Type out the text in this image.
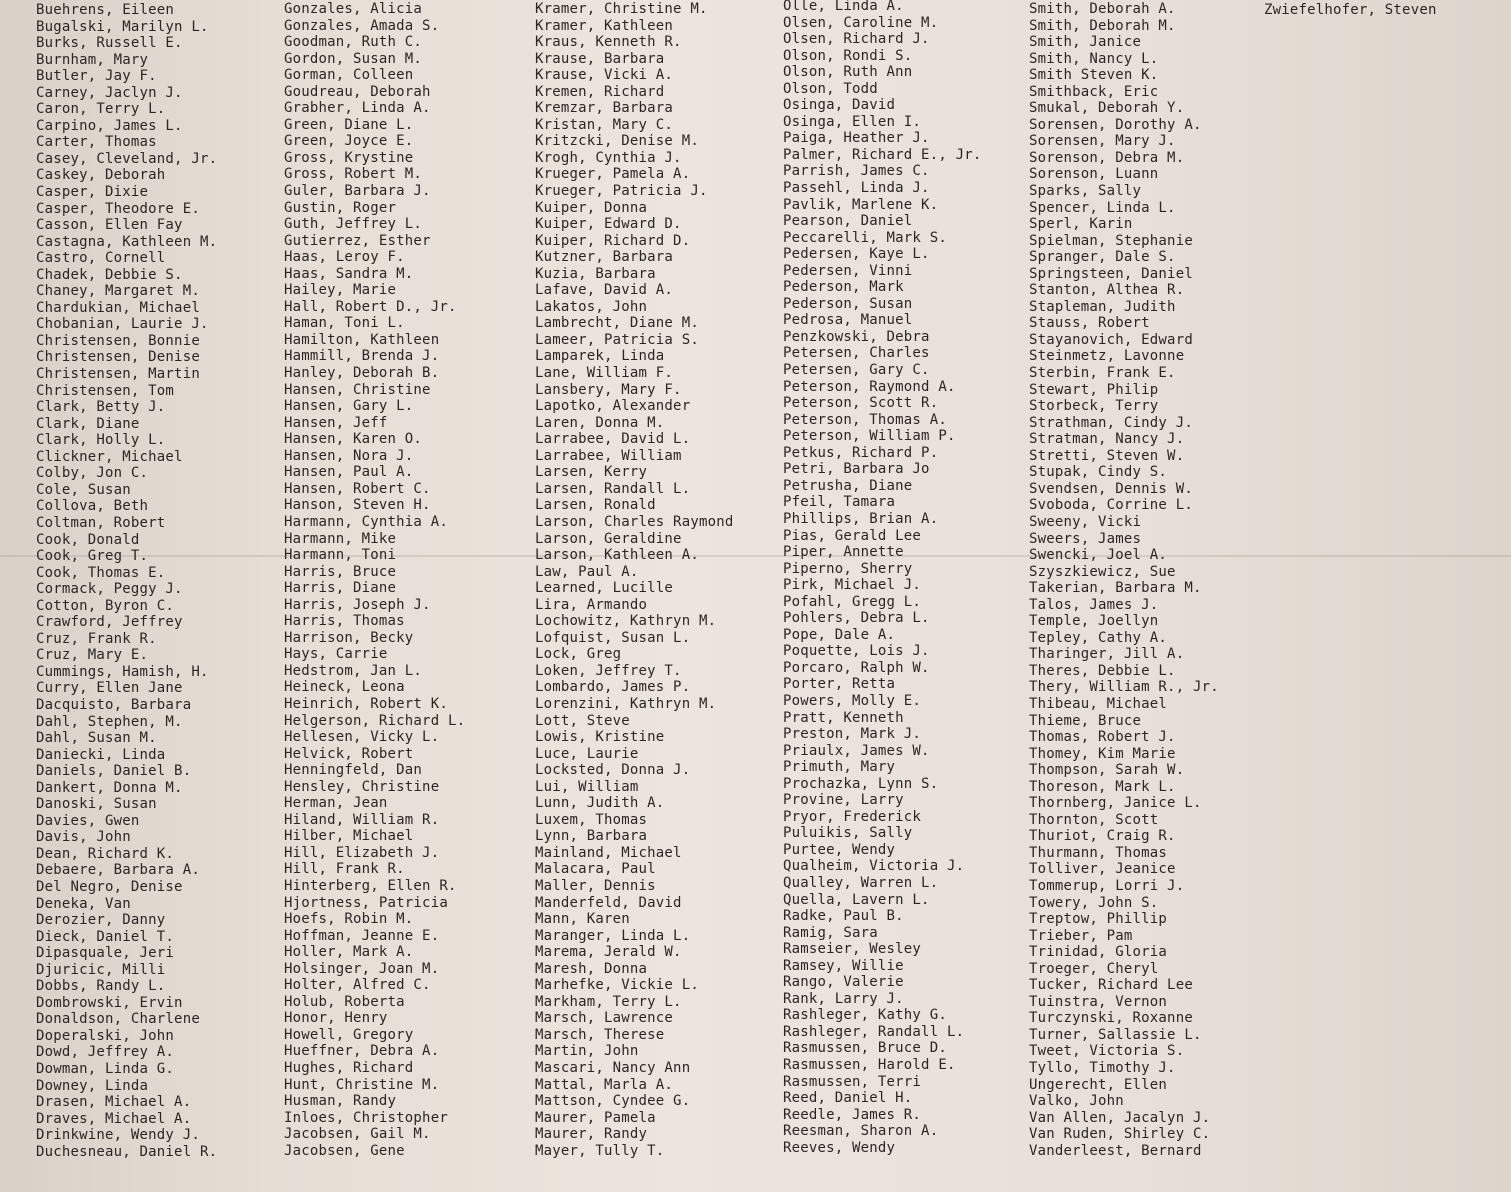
Buehrens, Eileen
Bugalski, Marilyn L.
Burks, Russell E.
Burnham, Mary
Butler, Jay F.
Carney, Jaclyn J.
Caron, Terry L.
Carpino, James L.
Carter, Thomas
Casey, Cleveland, Jr.
Caskey, Deborah
Casper, Dixie
Casper, Theodore E.
Casson, Ellen Fay
Castagna, Kathleen M.
Castro, Cornell
Chadek, Debbie S.
Chaney, Margaret M.
Chardukian, Michael
Chobanian, Laurie J.
Christensen, Bonnie
Christensen, Denise
Christensen, Martin
Christensen, Tom
Clark, Betty J.
Clark, Diane
Clark, Holly L.
Clickner, Michael
Colby, Jon C.
Cole, Susan
Collova, Beth
Coltman, Robert
Cook, Donald
Cook, Greg T.
Cook, Thomas E.
Cormack, Peggy J.
Cotton, Byron C.
Crawford, Jeffrey
Cruz, Frank R.
Cruz, Mary E.
Cummings, Hamish, H.
Curry, Ellen Jane
Dacquisto, Barbara
Dahl, Stephen, M.
Dahl, Susan M.
Daniecki, Linda
Daniels, Daniel B.
Dankert, Donna M.
Danoski, Susan
Davies, Gwen
Davis, John
Dean, Richard K.
Debaere, Barbara A.
Del Negro, Denise
Deneka, Van
Derozier, Danny
Dieck, Daniel T.
Dipasquale, Jeri
Djuricic, Milli
Dobbs, Randy L.
Dombrowski, Ervin
Donaldson, Charlene
Doperalski, John
Dowd, Jeffrey A.
Dowman, Linda G.
Downey, Linda
Drasen, Michael A.
Draves, Michael A.
Drinkwine, Wendy J.
Duchesneau, Daniel R.
Gonzales, Alicia
Gonzales, Amada S.
Goodman, Ruth C.
Gordon, Susan M.
Gorman, Colleen
Goudreau, Deborah
Grabher, Linda A.
Green, Diane L.
Green, Joyce E.
Gross, Krystine
Gross, Robert M.
Guler, Barbara J.
Gustin, Roger
Guth, Jeffrey L.
Gutierrez, Esther
Haas, Leroy F.
Haas, Sandra M.
Hailey, Marie
Hall, Robert D., Jr.
Haman, Toni L.
Hamilton, Kathleen
Hammill, Brenda J.
Hanley, Deborah B.
Hansen, Christine
Hansen, Gary L.
Hansen, Jeff
Hansen, Karen O.
Hansen, Nora J.
Hansen, Paul A.
Hansen, Robert C.
Hanson, Steven H.
Harmann, Cynthia A.
Harmann, Mike
Harmann, Toni
Harris, Bruce
Harris, Diane
Harris, Joseph J.
Harris, Thomas
Harrison, Becky
Hays, Carrie
Hedstrom, Jan L.
Heineck, Leona
Heinrich, Robert K.
Helgerson, Richard L.
Hellesen, Vicky L.
Helvick, Robert
Henningfeld, Dan
Hensley, Christine
Herman, Jean
Hiland, William R.
Hilber, Michael
Hill, Elizabeth J.
Hill, Frank R.
Hinterberg, Ellen R.
Hjortness, Patricia
Hoefs, Robin M.
Hoffman, Jeanne E.
Holler, Mark A.
Holsinger, Joan M.
Holter, Alfred C.
Holub, Roberta
Honor, Henry
Howell, Gregory
Hueffner, Debra A.
Hughes, Richard
Hunt, Christine M.
Husman, Randy
Inloes, Christopher
Jacobsen, Gail M.
Jacobsen, Gene
Kramer, Christine M.
Kramer, Kathleen
Kraus, Kenneth R.
Krause, Barbara
Krause, Vicki A.
Kremen, Richard
Kremzar, Barbara
Kristan, Mary C.
Kritzcki, Denise M.
Krogh, Cynthia J.
Krueger, Pamela A.
Krueger, Patricia J.
Kuiper, Donna
Kuiper, Edward D.
Kuiper, Richard D.
Kutzner, Barbara
Kuzia, Barbara
Lafave, David A.
Lakatos, John
Lambrecht, Diane M.
Lameer, Patricia S.
Lamparek, Linda
Lane, William F.
Lansbery, Mary F.
Lapotko, Alexander
Laren, Donna M.
Larrabee, David L.
Larrabee, William
Larsen, Kerry
Larsen, Randall L.
Larsen, Ronald
Larson, Charles Raymond
Larson, Geraldine
Larson, Kathleen A.
Law, Paul A.
Learned, Lucille
Lira, Armando
Lochowitz, Kathryn M.
Lofquist, Susan L.
Lock, Greg
Loken, Jeffrey T.
Lombardo, James P.
Lorenzini, Kathryn M.
Lott, Steve
Lowis, Kristine
Luce, Laurie
Locksted, Donna J.
Lui, William
Lunn, Judith A.
Luxem, Thomas
Lynn, Barbara
Mainland, Michael
Malacara, Paul
Maller, Dennis
Manderfeld, David
Mann, Karen
Maranger, Linda L.
Marema, Jerald W.
Maresh, Donna
Marhefke, Vickie L.
Markham, Terry L.
Marsch, Lawrence
Marsch, Therese
Martin, John
Mascari, Nancy Ann
Mattal, Marla A.
Mattson, Cyndee G.
Maurer, Pamela
Maurer, Randy
Mayer, Tully T.
Olle, Linda A.
Olsen, Caroline M.
Olsen, Richard J.
Olson, Rondi S.
Olson, Ruth Ann
Olson, Todd
Osinga, David
Osinga, Ellen I.
Paiga, Heather J.
Palmer, Richard E., Jr.
Parrish, James C.
Passehl, Linda J.
Pavlik, Marlene K.
Pearson, Daniel
Peccarelli, Mark S.
Pedersen, Kaye L.
Pedersen, Vinni
Pederson, Mark
Pederson, Susan
Pedrosa, Manuel
Penzkowski, Debra
Petersen, Charles
Petersen, Gary C.
Peterson, Raymond A.
Peterson, Scott R.
Peterson, Thomas A.
Peterson, William P.
Petkus, Richard P.
Petri, Barbara Jo
Petrusha, Diane
Pfeil, Tamara
Phillips, Brian A.
Pias, Gerald Lee
Piper, Annette
Piperno, Sherry
Pirk, Michael J.
Pofahl, Gregg L.
Pohlers, Debra L.
Pope, Dale A.
Poquette, Lois J.
Porcaro, Ralph W.
Porter, Retta
Powers, Molly E.
Pratt, Kenneth
Preston, Mark J.
Priaulx, James W.
Primuth, Mary
Prochazka, Lynn S.
Provine, Larry
Pryor, Frederick
Puluikis, Sally
Purtee, Wendy
Qualheim, Victoria J.
Qualley, Warren L.
Quella, Lavern L.
Radke, Paul B.
Ramig, Sara
Ramseier, Wesley
Ramsey, Willie
Rango, Valerie
Rank, Larry J.
Rashleger, Kathy G.
Rashleger, Randall L.
Rasmussen, Bruce D.
Rasmussen, Harold E.
Rasmussen, Terri
Reed, Daniel H.
Reedle, James R.
Reesman, Sharon A.
Reeves, Wendy
Smith, Deborah A.
Smith, Deborah M.
Smith, Janice
Smith, Nancy L.
Smith Steven K.
Smithback, Eric
Smukal, Deborah Y.
Sorensen, Dorothy A.
Sorensen, Mary J.
Sorenson, Debra M.
Sorenson, Luann
Sparks, Sally
Spencer, Linda L.
Sperl, Karin
Spielman, Stephanie
Spranger, Dale S.
Springsteen, Daniel
Stanton, Althea R.
Stapleman, Judith
Stauss, Robert
Stayanovich, Edward
Steinmetz, Lavonne
Sterbin, Frank E.
Stewart, Philip
Storbeck, Terry
Strathman, Cindy J.
Stratman, Nancy J.
Stretti, Steven W.
Stupak, Cindy S.
Svendsen, Dennis W.
Svoboda, Corrine L.
Sweeny, Vicki
Sweers, James
Swencki, Joel A.
Szyszkiewicz, Sue
Takerian, Barbara M.
Talos, James J.
Temple, Joellyn
Tepley, Cathy A.
Tharinger, Jill A.
Theres, Debbie L.
Thery, William R., Jr.
Thibeau, Michael
Thieme, Bruce
Thomas, Robert J.
Thomey, Kim Marie
Thompson, Sarah W.
Thoreson, Mark L.
Thornberg, Janice L.
Thornton, Scott
Thuriot, Craig R.
Thurmann, Thomas
Tolliver, Jeanice
Tommerup, Lorri J.
Towery, John S.
Treptow, Phillip
Trieber, Pam
Trinidad, Gloria
Troeger, Cheryl
Tucker, Richard Lee
Tuinstra, Vernon
Turczynski, Roxanne
Turner, Sallassie L.
Tweet, Victoria S.
Tyllo, Timothy J.
Ungerecht, Ellen
Valko, John
Van Allen, Jacalyn J.
Van Ruden, Shirley C.
Vanderleest, Bernard
Zwiefelhofer, Steven
